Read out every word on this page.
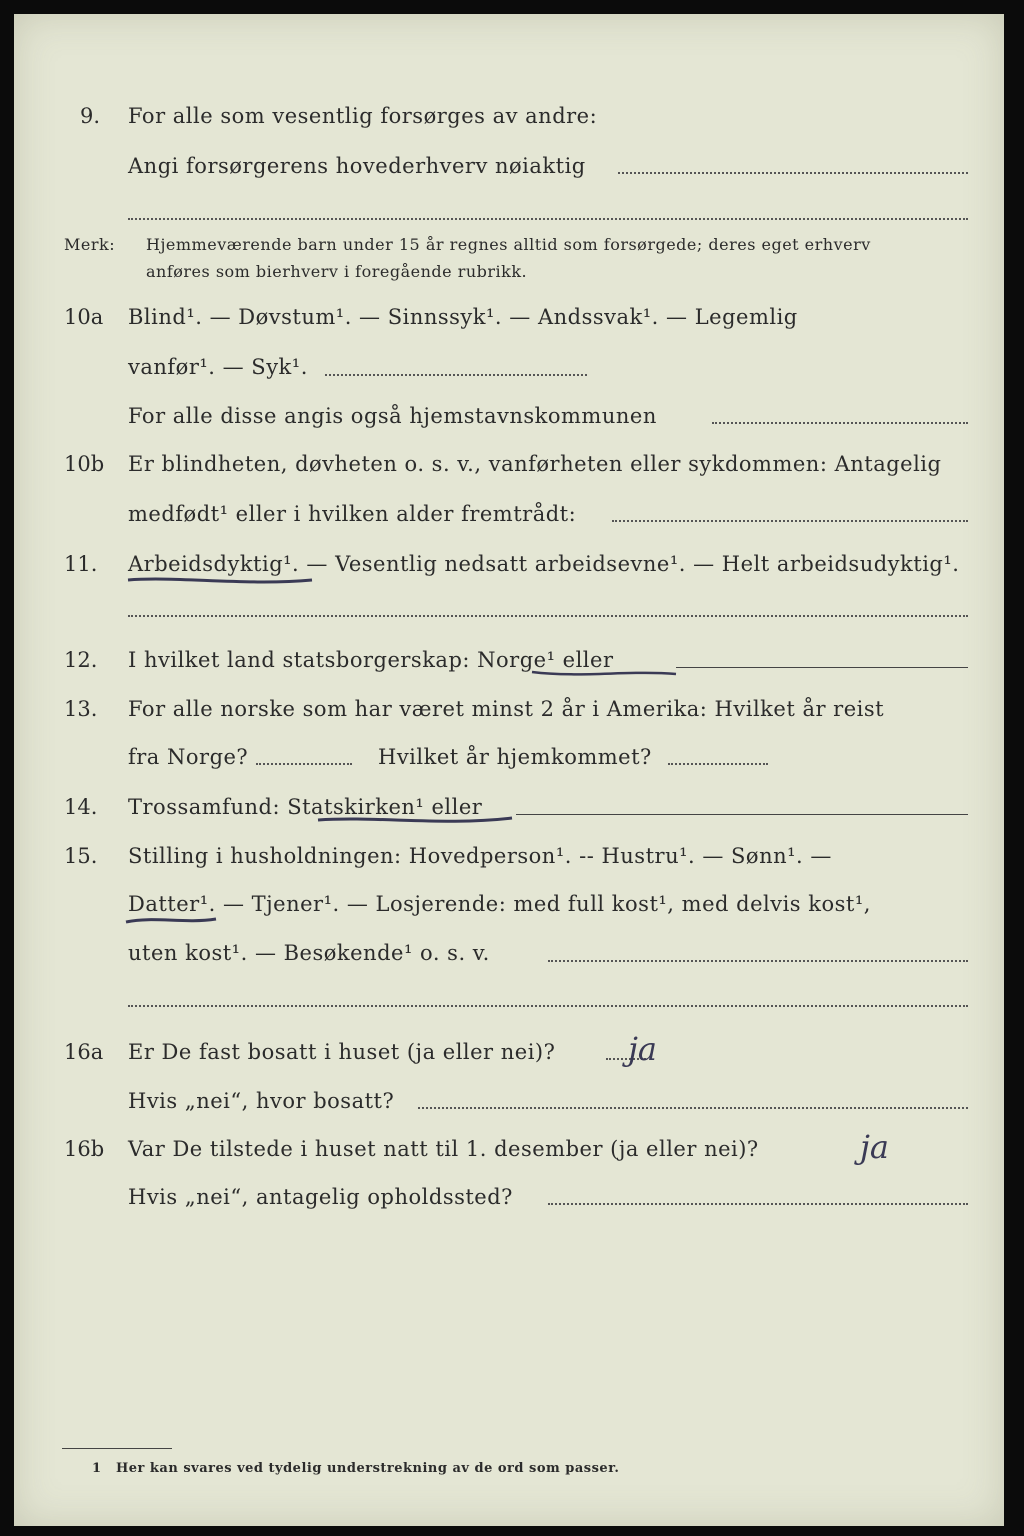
9. For alle som vesentlig forsørges av andre:
Angi forsørgerens hovederhverv nøiaktig
Merk: Hjemmeværende barn under 15 år regnes alltid som forsørgede; deres eget erhverv
anføres som bierhverv i foregående rubrikk.
10a Blind¹. — Døvstum¹. — Sinnssyk¹. — Andssvak¹. — Legemlig
vanfør¹. — Syk¹.
For alle disse angis også hjemstavnskommunen
10b Er blindheten, døvheten o. s. v., vanførheten eller sykdommen: Antagelig
medfødt¹ eller i hvilken alder fremtrådt:
11. Arbeidsdyktig¹. — Vesentlig nedsatt arbeidsevne¹. — Helt arbeidsudyktig¹.
12. I hvilket land statsborgerskap: Norge¹ eller
13. For alle norske som har været minst 2 år i Amerika: Hvilket år reist
fra Norge?	Hvilket år hjemkommet?
14. Trossamfund: Statskirken¹ eller
15. Stilling i husholdningen: Hovedperson¹. -- Hustru¹. — Sønn¹. —
Datter¹. — Tjener¹. — Losjerende: med full kost¹, med delvis kost¹,
uten kost¹. — Besøkende¹ o. s. v.
16a Er De fast bosatt i huset (ja eller nei)? ja
Hvis „nei“, hvor bosatt?
16b Var De tilstede i huset natt til 1. desember (ja eller nei)?	ja
Hvis „nei“, antagelig opholdssted?
1 Her kan svares ved tydelig understrekning av de ord som passer.
